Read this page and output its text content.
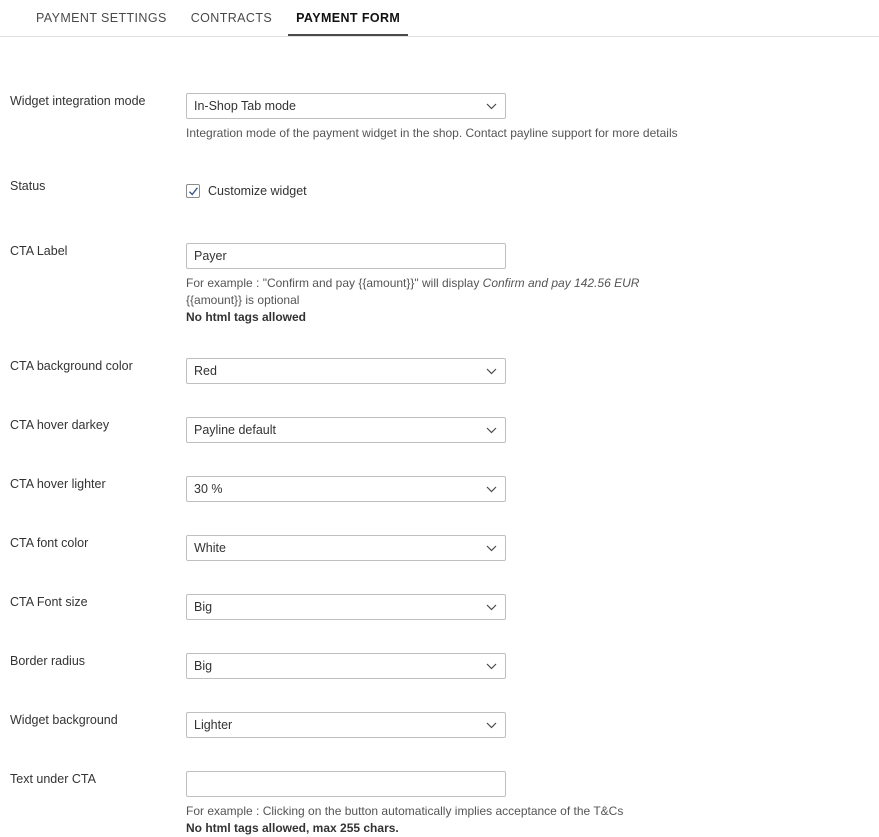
PAYMENT SETTINGS CONTRACTS PAYMENT FORM
Widget integration mode
In-Shop Tab mode
Integration mode of the payment widget in the shop. Contact payline support for more details
Status	Customize widget
CTA Label
Payer
For example : "Confirm and pay {{amount}}" will display Confirm and pay 142.56 EUR
{{amount}} is optional
No html tags allowed
CTA background color
Red
CTA hover darkey
Payline default
CTA hover lighter
30 %
CTA font color
White
CTA Font size
Big
Border radius
Big
Widget background
Lighter
Text under CTA
For example : Clicking on the button automatically implies acceptance of the T&Cs
No html tags allowed, max 255 chars.
